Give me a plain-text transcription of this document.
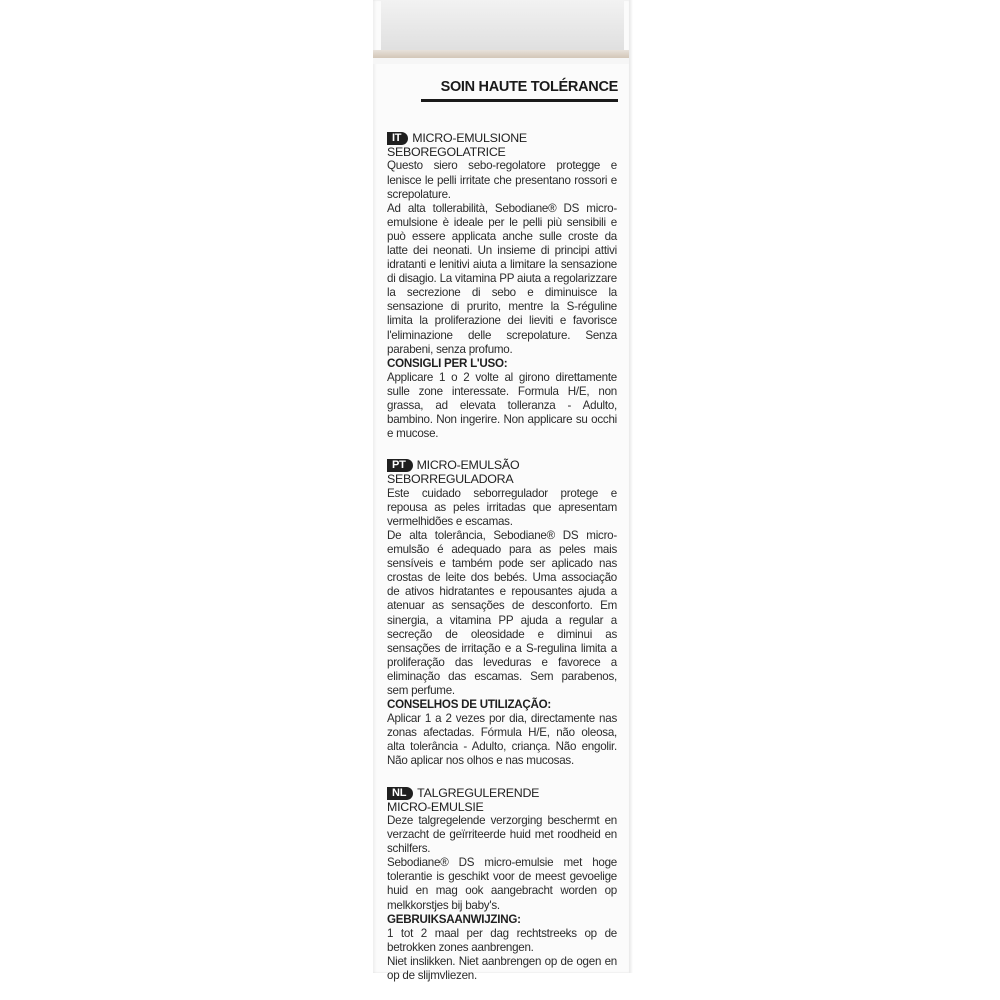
SOIN HAUTE TOLÉRANCE
IT MICRO-EMULSIONE
SEBOREGOLATRICE
Questo siero sebo-regolatore protegge e lenisce le pelli irritate che presentano rossori e screpolature.
Ad alta tollerabilità, Sebodiane® DS micro-emulsione è ideale per le pelli più sensibili e può essere applicata anche sulle croste da latte dei neonati. Un insieme di principi attivi idratanti e lenitivi aiuta a limitare la sensazione di disagio. La vitamina PP aiuta a regolarizzare la secrezione di sebo e diminuisce la sensazione di prurito, mentre la S-réguline limita la proliferazione dei lieviti e favorisce l'eliminazione delle screpolature. Senza parabeni, senza profumo.
CONSIGLI PER L'USO:
Applicare 1 o 2 volte al girono direttamente sulle zone interessate. Formula H/E, non grassa, ad elevata tolleranza - Adulto, bambino. Non ingerire. Non applicare su occhi e mucose.
PT MICRO-EMULSÃO
SEBORREGULADORA
Este cuidado seborregulador protege e repousa as peles irritadas que apresentam vermelhidões e escamas.
De alta tolerância, Sebodiane® DS micro-emulsão é adequado para as peles mais sensíveis e também pode ser aplicado nas crostas de leite dos bebés. Uma associação de ativos hidratantes e repousantes ajuda a atenuar as sensações de desconforto. Em sinergia, a vitamina PP ajuda a regular a secreção de oleosidade e diminui as sensações de irritação e a S-regulina limita a proliferação das leveduras e favorece a eliminação das escamas. Sem parabenos, sem perfume.
CONSELHOS DE UTILIZAÇÃO:
Aplicar 1 a 2 vezes por dia, directamente nas zonas afectadas. Fórmula H/E, não oleosa, alta tolerância - Adulto, criança. Não engolir. Não aplicar nos olhos e nas mucosas.
NL TALGREGULERENDE
MICRO-EMULSIE
Deze talgregelende verzorging beschermt en verzacht de geïrriteerde huid met roodheid en schilfers.
Sebodiane® DS micro-emulsie met hoge tolerantie is geschikt voor de meest gevoelige huid en mag ook aangebracht worden op melkkorstjes bij baby's.
GEBRUIKSAANWIJZING:
1 tot 2 maal per dag rechtstreeks op de betrokken zones aanbrengen.
Niet inslikken. Niet aanbrengen op de ogen en op de slijmvliezen.
